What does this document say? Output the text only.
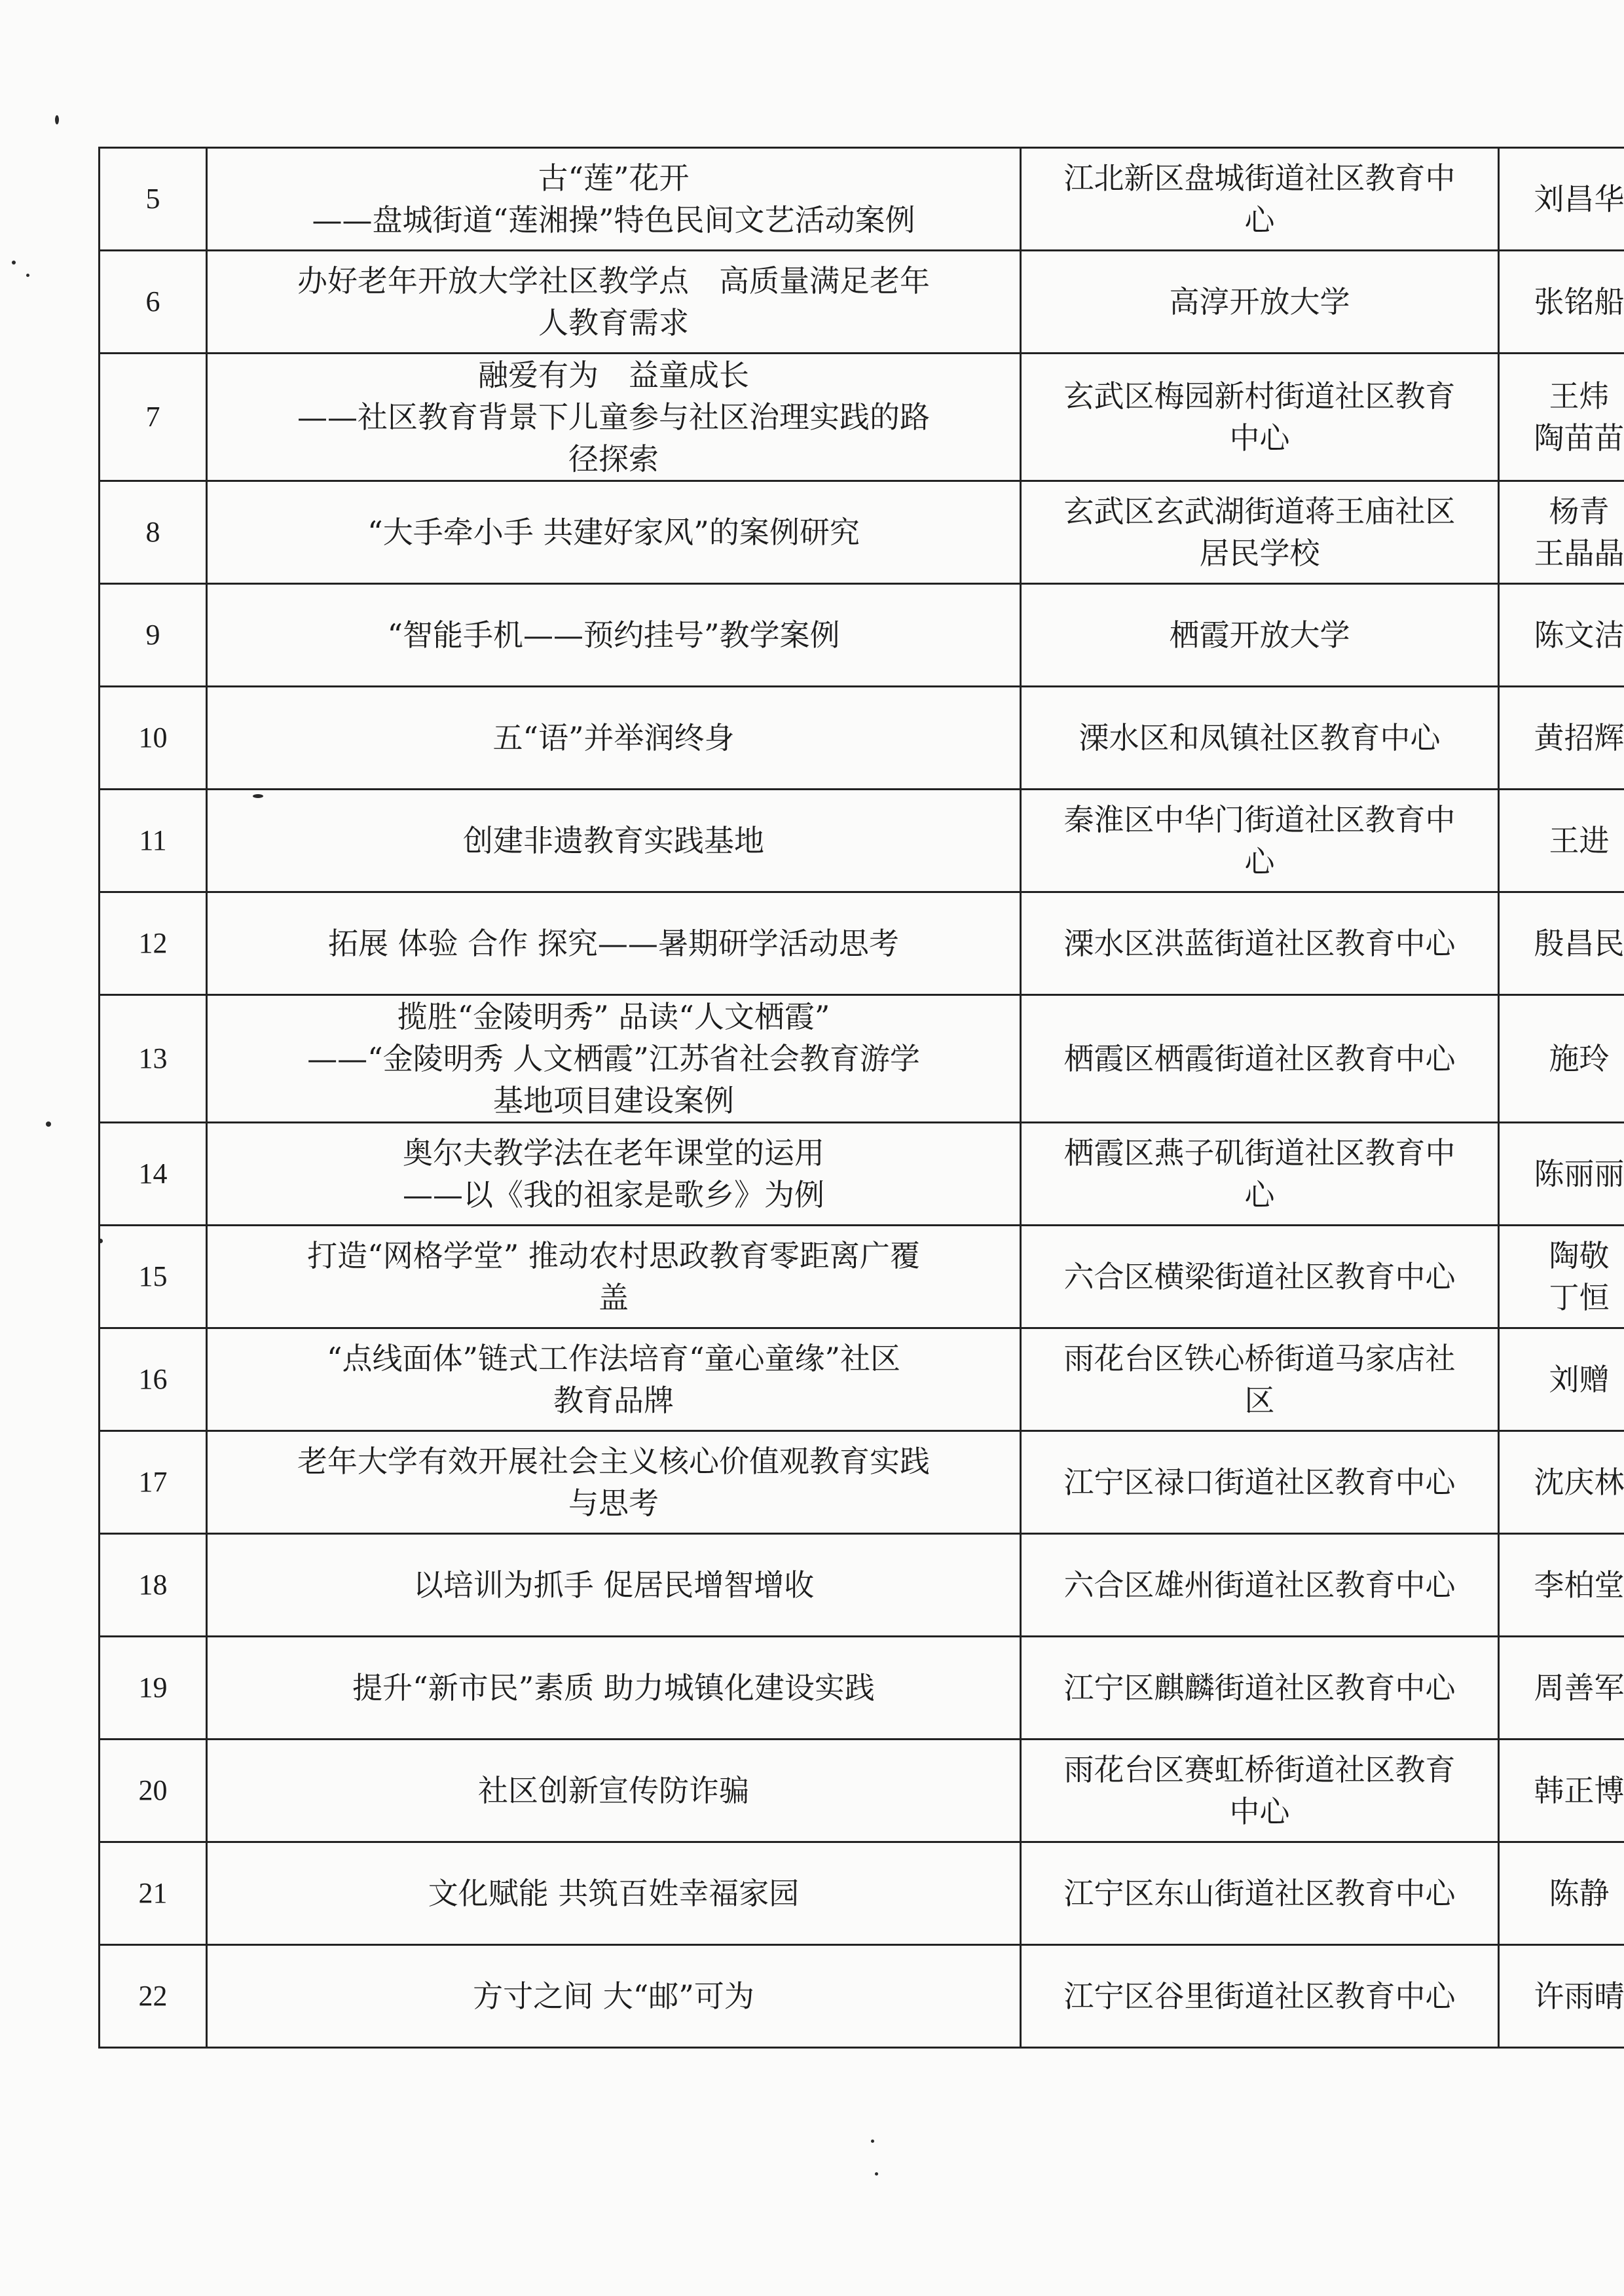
5	古“莲”花开
——盘城街道“莲湘操”特色民间文艺活动案例	江北新区盘城街道社区教育中
心	刘昌华

6	办好老年开放大学社区教学点　高质量满足老年
人教育需求	高淳开放大学	张铭船

7	融爱有为　益童成长
——社区教育背景下儿童参与社区治理实践的路
径探索	玄武区梅园新村街道社区教育
中心	王炜
陶苗苗

8	“大手牵小手 共建好家风”的案例研究	玄武区玄武湖街道蒋王庙社区
居民学校	杨青
王晶晶

9	“智能手机——预约挂号”教学案例	栖霞开放大学	陈文洁

10	五“语”并举润终身	溧水区和凤镇社区教育中心	黄招辉

11	创建非遗教育实践基地	秦淮区中华门街道社区教育中
心	王进

12	拓展 体验 合作 探究——暑期研学活动思考	溧水区洪蓝街道社区教育中心	殷昌民

13	揽胜“金陵明秀” 品读“人文栖霞”
——“金陵明秀 人文栖霞”江苏省社会教育游学
基地项目建设案例	栖霞区栖霞街道社区教育中心	施玲

14	奥尔夫教学法在老年课堂的运用
——以《我的祖家是歌乡》为例	栖霞区燕子矶街道社区教育中
心	陈丽丽

15	打造“网格学堂” 推动农村思政教育零距离广覆
盖	六合区横梁街道社区教育中心	陶敬
丁恒

16	“点线面体”链式工作法培育“童心童缘”社区
教育品牌	雨花台区铁心桥街道马家店社
区	刘赠

17	老年大学有效开展社会主义核心价值观教育实践
与思考	江宁区禄口街道社区教育中心	沈庆林

18	以培训为抓手 促居民增智增收	六合区雄州街道社区教育中心	李柏堂

19	提升“新市民”素质 助力城镇化建设实践	江宁区麒麟街道社区教育中心	周善军

20	社区创新宣传防诈骗	雨花台区赛虹桥街道社区教育
中心	韩正博

21	文化赋能 共筑百姓幸福家园	江宁区东山街道社区教育中心	陈静

22	方寸之间 大“邮”可为	江宁区谷里街道社区教育中心	许雨晴
